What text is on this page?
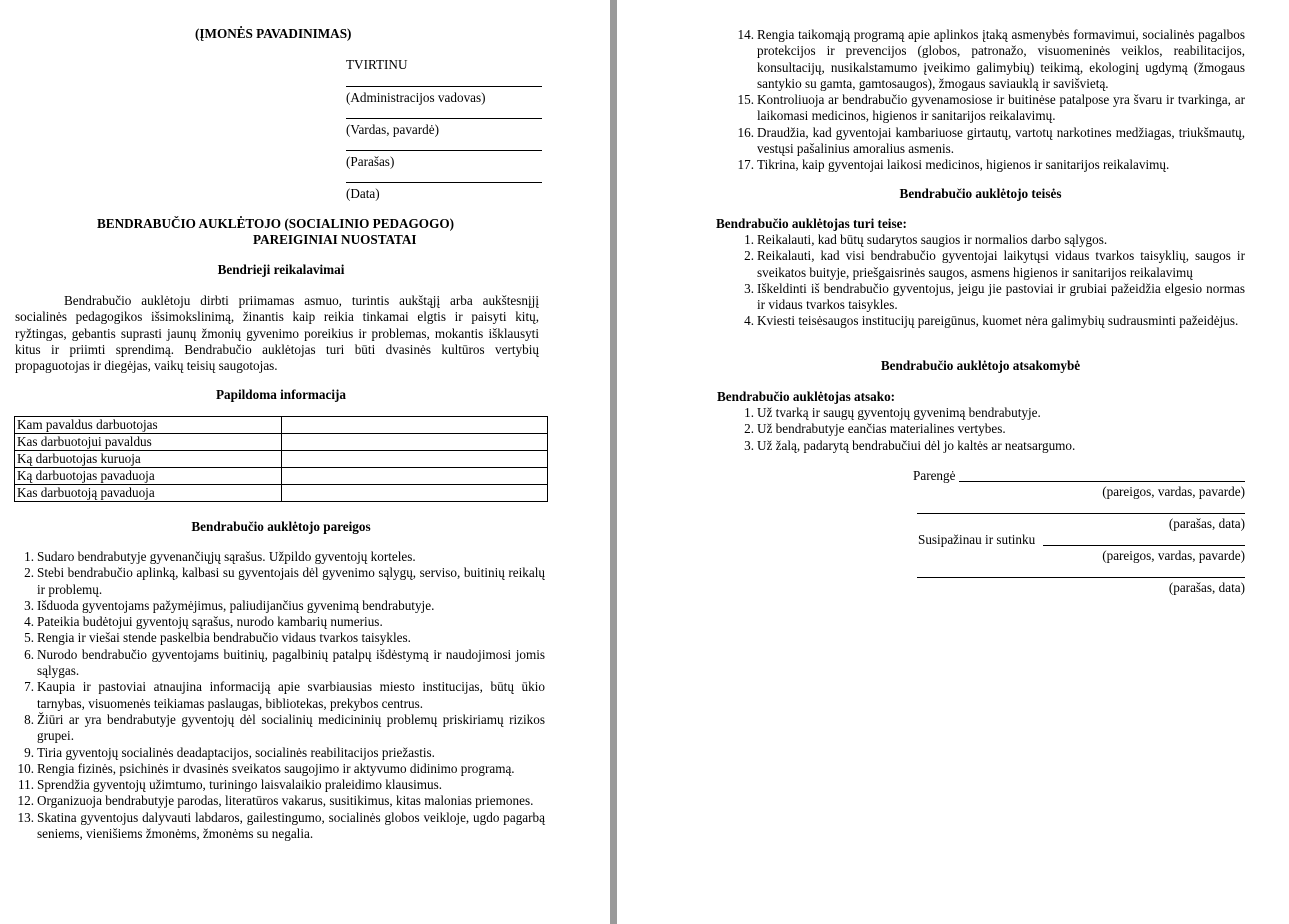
(ĮMONĖS PAVADINIMAS)
TVIRTINU
(Administracijos vadovas)
(Vardas, pavardė)
(Parašas)
(Data)
BENDRABUČIO AUKLĖTOJO (SOCIALINIO PEDAGOGO)
PAREIGINIAI NUOSTATAI
Bendrieji reikalavimai
Bendrabučio auklėtoju dirbti priimamas asmuo, turintis aukštąjį arba aukštesnįjį socialinės pedagogikos išsimokslinimą, žinantis kaip reikia tinkamai elgtis ir paisyti kitų, ryžtingas, gebantis suprasti jaunų žmonių gyvenimo poreikius ir problemas, mokantis išklausyti kitus ir priimti sprendimą. Bendrabučio auklėtojas turi būti dvasinės kultūros vertybių propaguotojas ir diegėjas, vaikų teisių saugotojas.
Papildoma informacija
Kam pavaldus darbuotojas	
Kas darbuotojui pavaldus	
Ką darbuotojas kuruoja	
Ką darbuotojas pavaduoja	
Kas darbuotoją pavaduoja	
Bendrabučio auklėtojo pareigos
1. Sudaro bendrabutyje gyvenančiųjų sąrašus. Užpildo gyventojų korteles.
2. Stebi bendrabučio aplinką, kalbasi su gyventojais dėl gyvenimo sąlygų, serviso, buitinių reikalų ir problemų.
3. Išduoda gyventojams pažymėjimus, paliudijančius gyvenimą bendrabutyje.
4. Pateikia budėtojui gyventojų sąrašus, nurodo kambarių numerius.
5. Rengia ir viešai stende paskelbia bendrabučio vidaus tvarkos taisykles.
6. Nurodo bendrabučio gyventojams buitinių, pagalbinių patalpų išdėstymą ir naudojimosi jomis sąlygas.
7. Kaupia ir pastoviai atnaujina informaciją apie svarbiausias miesto institucijas, būtų ūkio tarnybas, visuomenės teikiamas paslaugas, bibliotekas, prekybos centrus.
8. Žiūri ar yra bendrabutyje gyventojų dėl socialinių medicininių problemų priskiriamų rizikos grupei.
9. Tiria gyventojų socialinės deadaptacijos, socialinės reabilitacijos priežastis.
10. Rengia fizinės, psichinės ir dvasinės sveikatos saugojimo ir aktyvumo didinimo programą.
11. Sprendžia gyventojų užimtumo, turiningo laisvalaikio praleidimo klausimus.
12. Organizuoja bendrabutyje parodas, literatūros vakarus, susitikimus, kitas malonias priemones.
13. Skatina gyventojus dalyvauti labdaros, gailestingumo, socialinės globos veikloje, ugdo pagarbą seniems, vienišiems žmonėms, žmonėms su negalia.
14. Rengia taikomąją programą apie aplinkos įtaką asmenybės formavimui, socialinės pagalbos protekcijos ir prevencijos (globos, patronažo, visuomeninės veiklos, reabilitacijos, konsultacijų, nusikalstamumo įveikimo galimybių) teikimą, ekologinį ugdymą (žmogaus santykio su gamta, gamtosaugos), žmogaus saviauklą ir savišvietą.
15. Kontroliuoja ar bendrabučio gyvenamosiose ir buitinėse patalpose yra švaru ir tvarkinga, ar laikomasi medicinos, higienos ir sanitarijos reikalavimų.
16. Draudžia, kad gyventojai kambariuose girtautų, vartotų narkotines medžiagas, triukšmautų, vestųsi pašalinius amoralius asmenis.
17. Tikrina, kaip gyventojai laikosi medicinos, higienos ir sanitarijos reikalavimų.
Bendrabučio auklėtojo teisės
Bendrabučio auklėtojas turi teise:
1. Reikalauti, kad būtų sudarytos saugios ir normalios darbo sąlygos.
2. Reikalauti, kad visi bendrabučio gyventojai laikytųsi vidaus tvarkos taisyklių, saugos ir sveikatos buityje, priešgaisrinės saugos, asmens higienos ir sanitarijos reikalavimų
3. Iškeldinti iš bendrabučio gyventojus, jeigu jie pastoviai ir grubiai pažeidžia elgesio normas ir vidaus tvarkos taisykles.
4. Kviesti teisėsaugos institucijų pareigūnus, kuomet nėra galimybių sudrausminti pažeidėjus.
Bendrabučio auklėtojo atsakomybė
Bendrabučio auklėtojas atsako:
1. Už tvarką ir saugų gyventojų gyvenimą bendrabutyje.
2. Už bendrabutyje eančias materialines vertybes.
3. Už žalą, padarytą bendrabučiui dėl jo kaltės ar neatsargumo.
Parengė
(pareigos, vardas, pavarde)
(parašas, data)
Susipažinau ir sutinku
(pareigos, vardas, pavarde)
(parašas, data)
